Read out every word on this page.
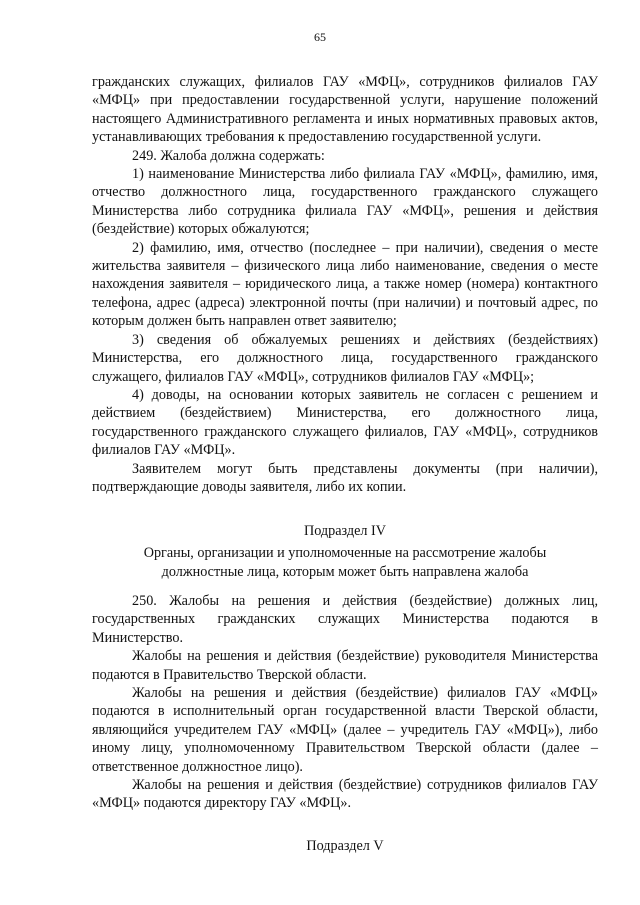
65

гражданских служащих, филиалов ГАУ «МФЦ», сотрудников филиалов ГАУ «МФЦ» при предоставлении государственной услуги, нарушение положений настоящего Административного регламента и иных нормативных правовых актов, устанавливающих требования к предоставлению государственной услуги.

249. Жалоба должна содержать:

1) наименование Министерства либо филиала ГАУ «МФЦ», фамилию, имя, отчество должностного лица, государственного гражданского служащего Министерства либо сотрудника филиала ГАУ «МФЦ», решения и действия (бездействие) которых обжалуются;

2) фамилию, имя, отчество (последнее – при наличии), сведения о месте жительства заявителя – физического лица либо наименование, сведения о месте нахождения заявителя – юридического лица, а также номер (номера) контактного телефона, адрес (адреса) электронной почты (при наличии) и почтовый адрес, по которым должен быть направлен ответ заявителю;

3) сведения об обжалуемых решениях и действиях (бездействиях) Министерства, его должностного лица, государственного гражданского служащего, филиалов ГАУ «МФЦ», сотрудников филиалов ГАУ «МФЦ»;

4) доводы, на основании которых заявитель не согласен с решением и действием (бездействием) Министерства, его должностного лица, государственного гражданского служащего филиалов, ГАУ «МФЦ», сотрудников филиалов ГАУ «МФЦ».

Заявителем могут быть представлены документы (при наличии), подтверждающие доводы заявителя, либо их копии.

Подраздел IV
Органы, организации и уполномоченные на рассмотрение жалобы
должностные лица, которым может быть направлена жалоба

250. Жалобы на решения и действия (бездействие) должных лиц, государственных гражданских служащих Министерства подаются в Министерство.

Жалобы на решения и действия (бездействие) руководителя Министерства подаются в Правительство Тверской области.

Жалобы на решения и действия (бездействие) филиалов ГАУ «МФЦ» подаются в исполнительный орган государственной власти Тверской области, являющийся учредителем ГАУ «МФЦ» (далее – учредитель ГАУ «МФЦ»), либо иному лицу, уполномоченному Правительством Тверской области (далее – ответственное должностное лицо).

Жалобы на решения и действия (бездействие) сотрудников филиалов ГАУ «МФЦ» подаются директору ГАУ «МФЦ».

Подраздел V
